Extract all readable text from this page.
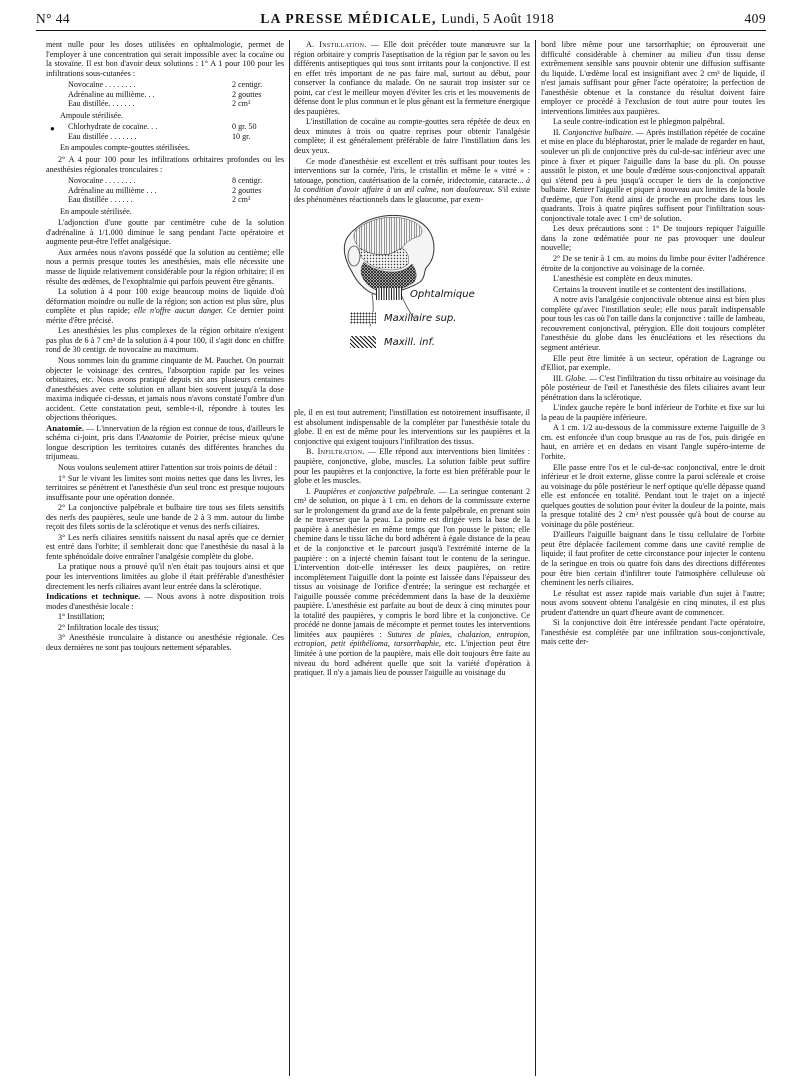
N° 44	LA PRESSE MÉDICALE, Lundi, 5 Août 1918	409

ment nulle pour les doses utilisées en ophtalmologie, permet de l'employer à une concentration qui serait impossible avec la cocaïne ou la stovaïne. Il est bon d'avoir deux solutions : 1° A 1 pour 100 pour les infiltrations sous-cutanées :

Novocaïne . . . . . . . .	2 centigr.
Adrénaline au millième. . .	2 gouttes
Eau distillée. . . . . . .	2 cm³
Ampoule stérilisée.
● Chlorhydrate de cocaïne. . .	0 gr. 50
Eau distillée . . . . . . .	10 gr.
En ampoules compte-gouttes stérilisées.

2° A 4 pour 100 pour les infiltrations orbitaires profondes ou les anesthésies régionales tronculaires :

Novocaïne . . . . . . . .	8 centigr.
Adrénaline au millième . . .	2 gouttes
Eau distillée . . . . . .	2 cm³
En ampoule stérilisée.

L'adjonction d'une goutte par centimètre cube de la solution d'adrénaline à 1/1.000 diminue le sang pendant l'acte opératoire et augmente peut-être l'effet analgésique.

Aux armées nous n'avons possédé que la solution au centième; elle nous a permis presque toutes les anesthésies, mais elle nécessite une masse de liquide relativement considérable pour la région orbitaire; il en résulte des œdèmes, de l'exophtalmie qui parfois peuvent être gênants.

La solution à 4 pour 100 exige beaucoup moins de liquide d'où déformation moindre ou nulle de la région; son action est plus sûre, plus complète et plus rapide; elle n'offre aucun danger. Ce dernier point mérite d'être précisé.

Les anesthésies les plus complexes de la région orbitaire n'exigent pas plus de 6 à 7 cm³ de la solution à 4 pour 100, il s'agit donc en chiffre rond de 30 centigr. de novocaïne au maximum.

Nous sommes loin du gramme cinquante de M. Pauchet. On pourrait objecter le voisinage des centres, l'absorption rapide par les veines orbitaires, etc. Nous avons pratiqué depuis six ans plusieurs centaines d'anesthésies avec cette solution en allant bien souvent jusqu'à la dose maxima indiquée ci-dessus, et jamais nous n'avons constaté l'ombre d'un accident. Cette constatation peut, semble-t-il, répondre à toutes les objections théoriques.

Anatomie. — L'innervation de la région est connue de tous, d'ailleurs le schéma ci-joint, pris dans l'Anatomie de Poirier, précise mieux qu'une longue description les territoires cutanés des différentes branches du trijumeau.

Nous voulons seulement attirer l'attention sur trois points de détail :

1° Sur le vivant les limites sont moins nettes que dans les livres, les territoires se pénètrent et l'anesthésie d'un seul tronc est presque toujours insuffisante pour une opération donnée.

2° La conjonctive palpébrale et bulbaire tire tous ses filets sensitifs des nerfs des paupières, seule une bande de 2 à 3 mm. autour du limbe reçoit des filets sortis de la sclérotique et venus des nerfs ciliaires.

3° Les nerfs ciliaires sensitifs naissent du nasal après que ce dernier est entré dans l'orbite; il semblerait donc que l'anesthésie du nasal à la fente sphénoïdale doive entraîner l'analgésie complète du globe.

La pratique nous a prouvé qu'il n'en était pas toujours ainsi et que pour les interventions limitées au globe il était préférable d'anesthésier directement les nerfs ciliaires avant leur entrée dans la sclérotique.

Indications et technique. — Nous avons à notre disposition trois modes d'anesthésie locale :

1° Instillation;

2° Infiltration locale des tissus;

3° Anesthésie tronculaire à distance ou anesthésie régionale. Ces deux dernières ne sont pas toujours nettement séparables.

A. Instillation. — Elle doit précéder toute manœuvre sur la région orbitaire y compris l'aseptisation de la région par le savon ou les différents antiseptiques qui tous sont irritants pour la conjonctive. Il est en effet très important de ne pas faire mal, surtout au début, pour conserver la confiance du malade. On ne saurait trop insister sur ce point, car c'est le meilleur moyen d'éviter les cris et les mouvements de défense dont le plus commun et le plus gênant est la fermeture énergique des paupières.

L'instillation de cocaïne au compte-gouttes sera répétée de deux en deux minutes à trois ou quatre reprises pour obtenir l'analgésie complète; il est généralement préférable de faire l'instillation dans les deux yeux.

Ce mode d'anesthésie est excellent et très suffisant pour toutes les interventions sur la cornée, l'iris, le cristallin et même le « vitré » : tatouage, ponction, cautérisation de la cornée, iridectomie, cataracte... à la condition d'avoir affaire à un œil calme, non douloureux. S'il existe des phénomènes réactionnels dans le glaucome, par exem-

Ophtalmique
Maxillaire sup.
Maxill. inf.

ple, il en est tout autrement; l'instillation est notoirement insuffisante, il est absolument indispensable de la compléter par l'anesthésie totale du globe. Il en est de même pour les interventions sur les paupières et la conjonctive qui exigent toujours l'infiltration des tissus.

B. Infiltration. — Elle répond aux interventions bien limitées : paupière, conjonctive, globe, muscles. La solution faible peut suffire pour les paupières et la conjonctive, la forte est bien préférable pour le globe et les muscles.

I. Paupières et conjonctive palpébrale. — La seringue contenant 2 cm³ de solution, on pique à 1 cm. en dehors de la commissure externe sur le prolongement du grand axe de la fente palpébrale, en prenant soin de ne traverser que la peau. La pointe est dirigée vers la base de la paupière à anesthésier en même temps que l'on pousse le piston; elle chemine dans le tissu lâche du bord adhérent à égale distance de la peau et de la conjonctive et le parcourt jusqu'à l'extrémité interne de la paupière : on a injecté chemin faisant tout le contenu de la seringue. L'intervention doit-elle intéresser les deux paupières, on retire incomplètement l'aiguille dont la pointe est laissée dans l'épaisseur des tissus au voisinage de l'orifice d'entrée; la seringue est rechargée et l'aiguille poussée comme précédemment dans la base de la deuxième paupière. L'anesthésie est parfaite au bout de deux à cinq minutes pour la totalité des paupières, y compris le bord libre et la conjonctive. Ce procédé ne donne jamais de mécompte et permet toutes les interventions limitées aux paupières : Sutures de plaies, chalazion, entropion, ectropion, petit épithélioma, tarsorrhaphie, etc. L'injection peut être limitée à une portion de la paupière, mais elle doit toujours être faite au niveau du bord adhérent quelle que soit la variété d'opération à pratiquer. Il n'y a jamais lieu de pousser l'aiguille au voisinage du

bord libre même pour une tarsorrhaphie; on éprouverait une difficulté considérable à cheminer au milieu d'un tissu dense extrêmement sensible sans pouvoir obtenir une diffusion suffisante du liquide. L'œdème local est insignifiant avec 2 cm³ de liquide, il n'est jamais suffisant pour gêner l'acte opératoire; la perfection de l'anesthésie obtenue et la constance du résultat doivent faire employer ce procédé à l'exclusion de tout autre pour toutes les interventions limitées aux paupières.

La seule contre-indication est le phlegmon palpébral.

II. Conjonctive bulbaire. — Après instillation répétée de cocaïne et mise en place du blépharostat, prier le malade de regarder en haut, soulever un pli de conjonctive près du cul-de-sac inférieur avec une pince à fixer et piquer l'aiguille dans la base du pli. On pousse aussitôt le piston, et une boule d'œdème sous-conjonctival apparaît qui s'étend peu à peu jusqu'à occuper le tiers de la conjonctive bulbaire. Retirer l'aiguille et piquer à nouveau aux limites de la boule d'œdème, que l'on étend ainsi de proche en proche dans tous les quadrants. Trois à quatre piqûres suffisent pour l'infiltration sous-conjonctivale totale avec 1 cm³ de solution.

Les deux précautions sont : 1° De toujours repiquer l'aiguille dans la zone œdématiée pour ne pas provoquer une douleur nouvelle;

2° De se tenir à 1 cm. au moins du limbe pour éviter l'adhérence étroite de la conjonctive au voisinage de la cornée.

L'anesthésie est complète en deux minutes.

Certains la trouvent inutile et se contentent des instillations.

A notre avis l'analgésie conjonctivale obtenue ainsi est bien plus complète qu'avec l'instillation seule; elle nous paraît indispensable pour tous les cas où l'on taille dans la conjonctive : taille de lambeau, recouvrement conjonctival, ptérygion. Elle doit toujours compléter l'anesthésie du globe dans les énucléations et les résections du segment antérieur.

Elle peut être limitée à un secteur, opération de Lagrange ou d'Elliot, par exemple.

III. Globe. — C'est l'infiltration du tissu orbitaire au voisinage du pôle postérieur de l'œil et l'anesthésie des filets ciliaires avant leur pénétration dans la sclérotique.

L'index gauche repère le bord inférieur de l'orbite et fixe sur lui la peau de la paupière inférieure.

A 1 cm. 1/2 au-dessous de la commissure externe l'aiguille de 3 cm. est enfoncée d'un coup brusque au ras de l'os, puis dirigée en haut, en arrière et en dedans en visant l'angle supéro-interne de l'orbite.

Elle passe entre l'os et le cul-de-sac conjonctival, entre le droit inférieur et le droit externe, glisse contre la paroi scléreale et croise au voisinage du pôle postérieur le nerf optique qu'elle dépasse quand elle est enfoncée en totalité. Pendant tout le trajet on a injecté quelques gouttes de solution pour éviter la douleur de la pointe, mais la presque totalité des 2 cm³ n'est poussée qu'à bout de course au voisinage du pôle postérieur.

D'ailleurs l'aiguille baignant dans le tissu cellulaire de l'orbite peut être déplacée facilement comme dans une cavité remplie de liquide; il faut profiter de cette circonstance pour injecter le contenu de la seringue en trois ou quatre fois dans des directions différentes pour être bien certain d'infiltrer toute l'atmosphère celluleuse où cheminent les nerfs ciliaires.

Le résultat est assez rapide mais variable d'un sujet à l'autre; nous avons souvent obtenu l'analgésie en cinq minutes, il est plus prudent d'attendre un quart d'heure avant de commencer.

Si la conjonctive doit être intéressée pendant l'acte opératoire, l'anesthésie est complétée par une infiltration sous-conjonctivale, mais cette der-
